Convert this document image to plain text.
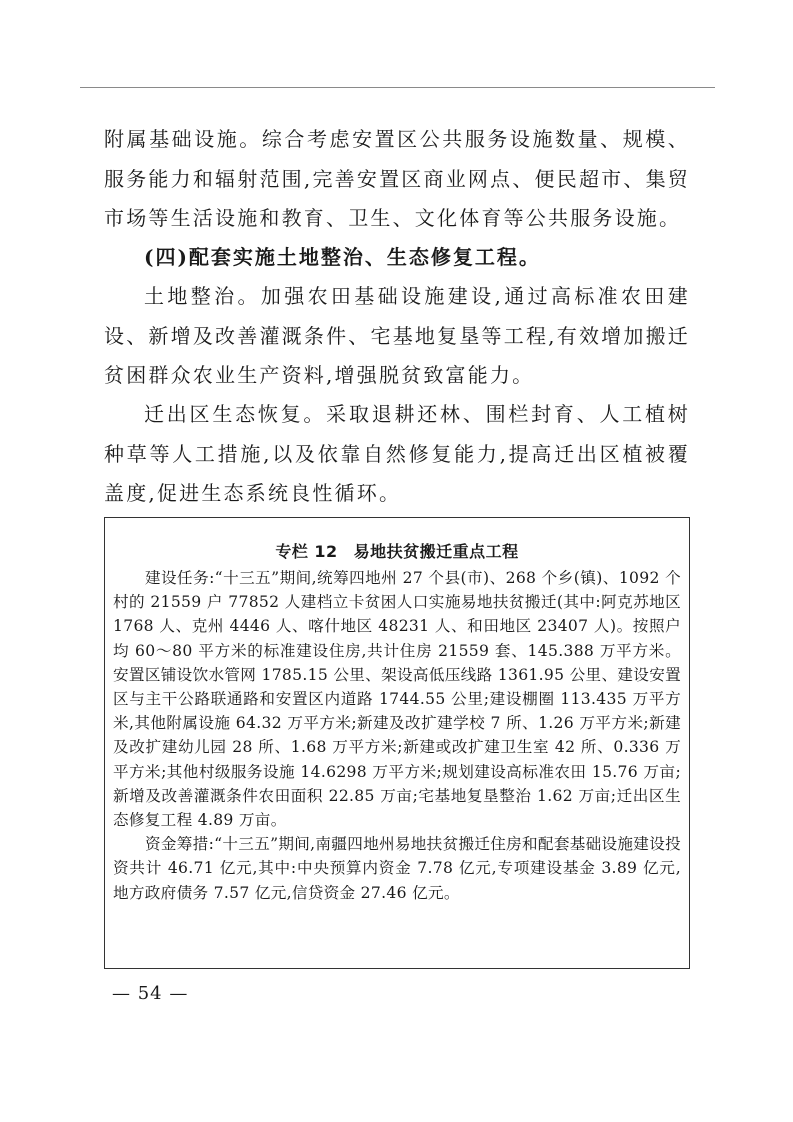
附属基础设施。综合考虑安置区公共服务设施数量、规模、服务能力和辐射范围,完善安置区商业网点、便民超市、集贸市场等生活设施和教育、卫生、文化体育等公共服务设施。

(四)配套实施土地整治、生态修复工程。

土地整治。加强农田基础设施建设,通过高标准农田建设、新增及改善灌溉条件、宅基地复垦等工程,有效增加搬迁贫困群众农业生产资料,增强脱贫致富能力。

迁出区生态恢复。采取退耕还林、围栏封育、人工植树种草等人工措施,以及依靠自然修复能力,提高迁出区植被覆盖度,促进生态系统良性循环。

专栏 12 易地扶贫搬迁重点工程

建设任务:“十三五”期间,统筹四地州 27 个县(市)、268 个乡(镇)、1092 个村的 21559 户 77852 人建档立卡贫困人口实施易地扶贫搬迁(其中:阿克苏地区 1768 人、克州 4446 人、喀什地区 48231 人、和田地区 23407 人)。按照户均 60～80 平方米的标准建设住房,共计住房 21559 套、145.388 万平方米。安置区铺设饮水管网 1785.15 公里、架设高低压线路 1361.95 公里、建设安置区与主干公路联通路和安置区内道路 1744.55 公里;建设棚圈 113.435 万平方米,其他附属设施 64.32 万平方米;新建及改扩建学校 7 所、1.26 万平方米;新建及改扩建幼儿园 28 所、1.68 万平方米;新建或改扩建卫生室 42 所、0.336 万平方米;其他村级服务设施 14.6298 万平方米;规划建设高标准农田 15.76 万亩;新增及改善灌溉条件农田面积 22.85 万亩;宅基地复垦整治 1.62 万亩;迁出区生态修复工程 4.89 万亩。

资金筹措:“十三五”期间,南疆四地州易地扶贫搬迁住房和配套基础设施建设投资共计 46.71 亿元,其中:中央预算内资金 7.78 亿元,专项建设基金 3.89 亿元,地方政府债务 7.57 亿元,信贷资金 27.46 亿元。

— 54 —
